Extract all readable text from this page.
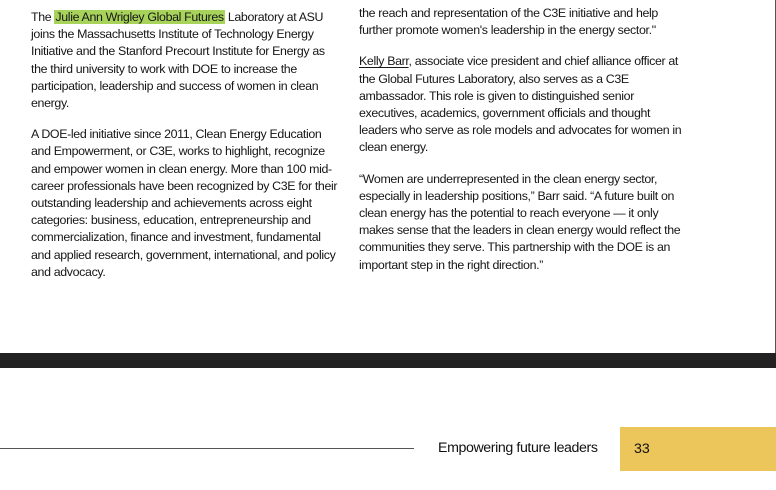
The Julie Ann Wrigley Global Futures Laboratory at ASU joins the Massachusetts Institute of Technology Energy Initiative and the Stanford Precourt Institute for Energy as the third university to work with DOE to increase the participation, leadership and success of women in clean energy.

A DOE-led initiative since 2011, Clean Energy Education and Empowerment, or C3E, works to highlight, recognize and empower women in clean energy. More than 100 mid-career professionals have been recognized by C3E for their outstanding leadership and achievements across eight categories: business, education, entrepreneurship and commercialization, finance and investment, fundamental and applied research, government, international, and policy and advocacy.

the reach and representation of the C3E initiative and help further promote women's leadership in the energy sector."

Kelly Barr, associate vice president and chief alliance officer at the Global Futures Laboratory, also serves as a C3E ambassador. This role is given to distinguished senior executives, academics, government officials and thought leaders who serve as role models and advocates for women in clean energy.

“Women are underrepresented in the clean energy sector, especially in leadership positions,” Barr said. “A future built on clean energy has the potential to reach everyone — it only makes sense that the leaders in clean energy would reflect the communities they serve. This partnership with the DOE is an important step in the right direction.”

Empowering future leaders	33
